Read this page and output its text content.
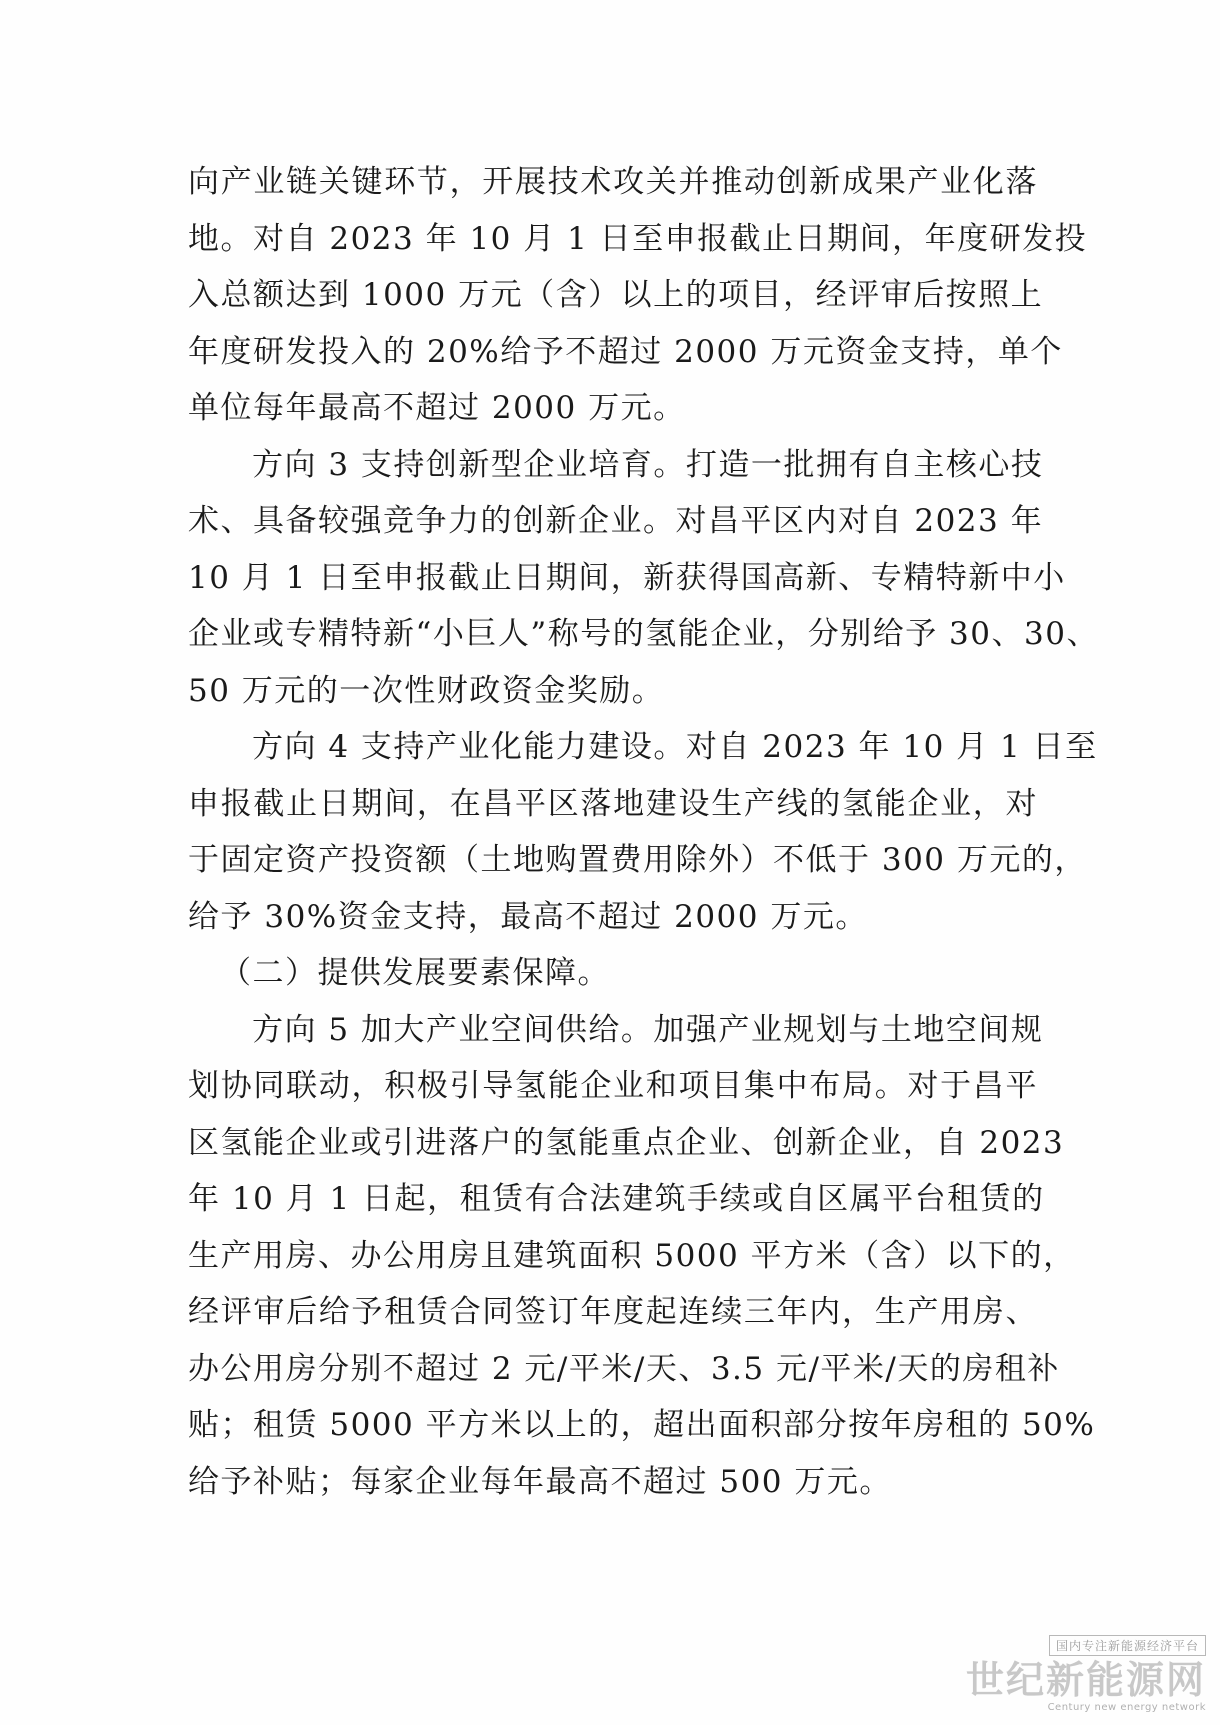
向产业链关键环节，开展技术攻关并推动创新成果产业化落
地。对自 2023 年 10 月 1 日至申报截止日期间，年度研发投
入总额达到 1000 万元（含）以上的项目，经评审后按照上
年度研发投入的 20%给予不超过 2000 万元资金支持，单个
单位每年最高不超过 2000 万元。

方向 3 支持创新型企业培育。打造一批拥有自主核心技
术、具备较强竞争力的创新企业。对昌平区内对自 2023 年
10 月 1 日至申报截止日期间，新获得国高新、专精特新中小
企业或专精特新“小巨人”称号的氢能企业，分别给予 30、30、
50 万元的一次性财政资金奖励。

方向 4 支持产业化能力建设。对自 2023 年 10 月 1 日至
申报截止日期间，在昌平区落地建设生产线的氢能企业，对
于固定资产投资额（土地购置费用除外）不低于 300 万元的，
给予 30%资金支持，最高不超过 2000 万元。

（二）提供发展要素保障。

方向 5 加大产业空间供给。加强产业规划与土地空间规
划协同联动，积极引导氢能企业和项目集中布局。对于昌平
区氢能企业或引进落户的氢能重点企业、创新企业，自 2023
年 10 月 1 日起，租赁有合法建筑手续或自区属平台租赁的
生产用房、办公用房且建筑面积 5000 平方米（含）以下的，
经评审后给予租赁合同签订年度起连续三年内，生产用房、
办公用房分别不超过 2 元/平米/天、3.5 元/平米/天的房租补
贴；租赁 5000 平方米以上的，超出面积部分按年房租的 50%
给予补贴；每家企业每年最高不超过 500 万元。

国内专注新能源经济平台
世纪新能源网
Century new energy network
